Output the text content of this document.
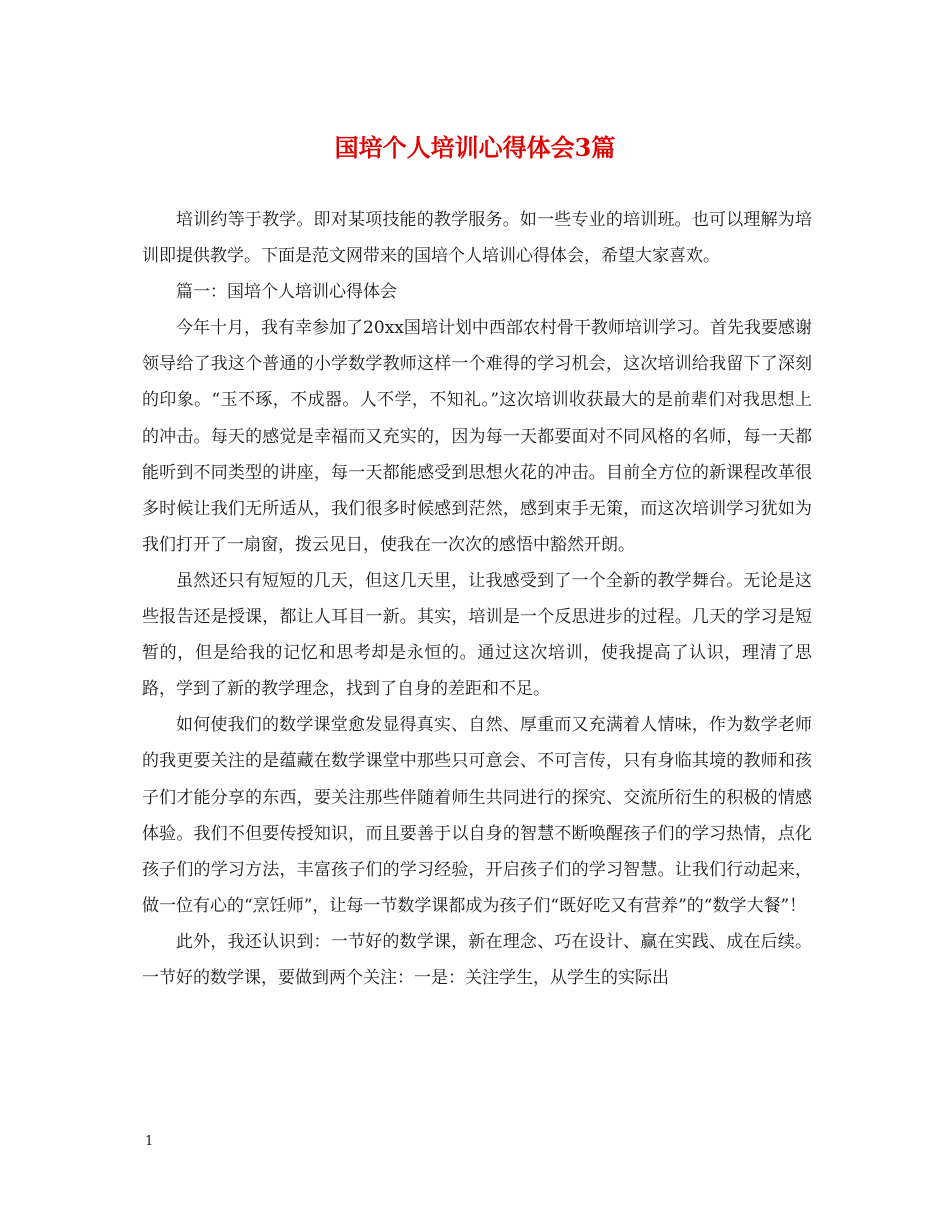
国培个人培训心得体会3篇

培训约等于教学。即对某项技能的教学服务。如一些专业的培训班。也可以理解为培训即提供教学。下面是范文网带来的国培个人培训心得体会，希望大家喜欢。

篇一：国培个人培训心得体会

今年十月，我有幸参加了20xx国培计划中西部农村骨干教师培训学习。首先我要感谢领导给了我这个普通的小学数学教师这样一个难得的学习机会，这次培训给我留下了深刻的印象。“玉不琢，不成器。人不学，不知礼。”这次培训收获最大的是前辈们对我思想上的冲击。每天的感觉是幸福而又充实的，因为每一天都要面对不同风格的名师，每一天都能听到不同类型的讲座，每一天都能感受到思想火花的冲击。目前全方位的新课程改革很多时候让我们无所适从，我们很多时候感到茫然，感到束手无策，而这次培训学习犹如为我们打开了一扇窗，拨云见日，使我在一次次的感悟中豁然开朗。

虽然还只有短短的几天，但这几天里，让我感受到了一个全新的教学舞台。无论是这些报告还是授课，都让人耳目一新。其实，培训是一个反思进步的过程。几天的学习是短暂的，但是给我的记忆和思考却是永恒的。通过这次培训，使我提高了认识，理清了思路，学到了新的教学理念，找到了自身的差距和不足。

如何使我们的数学课堂愈发显得真实、自然、厚重而又充满着人情味，作为数学老师的我更要关注的是蕴藏在数学课堂中那些只可意会、不可言传，只有身临其境的教师和孩子们才能分享的东西，要关注那些伴随着师生共同进行的探究、交流所衍生的积极的情感体验。我们不但要传授知识，而且要善于以自身的智慧不断唤醒孩子们的学习热情，点化孩子们的学习方法，丰富孩子们的学习经验，开启孩子们的学习智慧。让我们行动起来，做一位有心的“烹饪师”，让每一节数学课都成为孩子们“既好吃又有营养”的“数学大餐”！

此外，我还认识到：一节好的数学课，新在理念、巧在设计、赢在实践、成在后续。一节好的数学课，要做到两个关注：一是：关注学生，从学生的实际出

1
